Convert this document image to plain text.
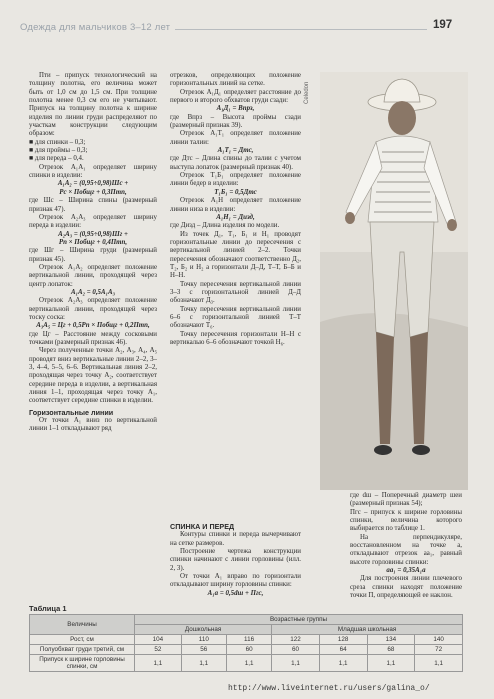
Одежда для мальчиков 3–12 лет	197

Пти – припуск технологический на толщину полотна, его величина может быть от 1,0 см до 1,5 см. При толщине полотна менее 0,3 см его не учитывают. Припуск на толщину полотна к ширине изделия по линии груди распределяют по участкам конструкции следующим образом:

■ для спинки – 0,3;

■ для проймы – 0,3;

■ для переда – 0,4.

Отрезок А₁А₁ определяет ширину спинки в изделии:

A₁A₂ = (0,95÷0,98)Шс +

Рс × Побщг + 0,3Птп,

где Шс – Ширина спины (размерный признак 47).

Отрезок А₂А₃ определяет ширину переда в изделии:

A₂A₃ = (0,95÷0,98)Шг +

Рп × Побщг + 0,4Птп,

где Шг – Ширина груди (размерный признак 45).

Отрезок А₁А₂ определяет положение вертикальной линии, проходящей через центр лопаток:

A₁A₂ = 0,5A₁A₃

Отрезок А₂А₃ определяет положение вертикальной линии, проходящей через тоску соска:

A₃A₅ = Цг + 0,5Рп × Побщг + 0,2Птп,

где Цг – Расстояние между сосковыми точками (размерный признак 46).

Через полученные точки А₂, А₃, А₄, А₅ проводят вниз вертикальные линии 2–2, 3–3, 4–4, 5–5, 6–6. Вертикальная линия 2–2, проходящая через точку А₂, соответствует середине переда в изделии, а вертикальная линия 1–1, проходящая через точку А₁, соответствует середине спинки в изделии.

Горизонтальные линии

От точки А₁ вниз по вертикальной линии 1–1 откладывают ряд

отрезков, определяющих положение горизонтальных линий на сетке.

Отрезок А₁Д₁ определяет расстояние до первого и второго обхватов груди сзади:

А₁Д₁ = Впрз,

где Впрз – Высота проймы сзади (размерный признак 39).

Отрезок А₁Т₁ определяет положение линии талии:

А₁Т₁ = Дтс,

где Дтс – Длина спины до талии с учетом выступа лопаток (размерный признак 40).

Отрезок Т₁Б₁ определяет положение линии бедер в изделии:

Т₁Б₁ = 0,5Дтс

Отрезок А₁Н определяет положение линии низа в изделии:

А₁Н₁ = Дизд,

где Дизд – Длина изделия по модели.

Из точек Д₁, Т₁, Б₁ и Н₁ проводят горизонтальные линии до пересечения с вертикальной линией 2–2. Точки пересечения обозначают соответственно Д₂, Т₂, Б₂ и Н₂ а горизонтали Д–Д, Т–Т, Б–Б и Н–Н.

Точку пересечения вертикальной линии 3–3 с горизонтальной линией Д–Д обозначают Д₃.

Точку пересечения вертикальной линии 6–6 с горизонтальной линией Т–Т обозначают Т₆.

Точку пересечения горизонтали Н–Н с вертикалью 6–6 обозначают точкой Н₆.

СПИНКА И ПЕРЕД

Контуры спинки и переда вычерчивают на сетке размеров.

Построение чертежа конструкции спинки начинают с линии горловины (илл. 2, 3).

От точки А₁ вправо по горизонтали откладывают ширину горловины спинки:

A₁a = 0,5dш + Пгс,

Celedon

где dш – Поперечный диаметр шеи (размерный признак 54);

Пгс – припуск к ширине горловины спинки, величина которого выбирается по таблице 1.

На перпендикуляре, восстановленном на точке а, откладывают отрезок аа₁, равный высоте горловины спинки:

aa₁ = 0,35A₁a

Для построения линии плечевого среза спинки находят положение точки П, определяющей ее наклон.

Таблица 1
Величины	Возрастные группы						
	Дошкольная			Младшая школьная			
Рост, см	104	110	116	122	128	134	140
Полуобхват груди третий, см	52	56	60	60	64	68	72
Припуск к ширине горловины спинки, см	1,1	1,1	1,1	1,1	1,1	1,1	1,1
http://www.liveinternet.ru/users/galina_o/
